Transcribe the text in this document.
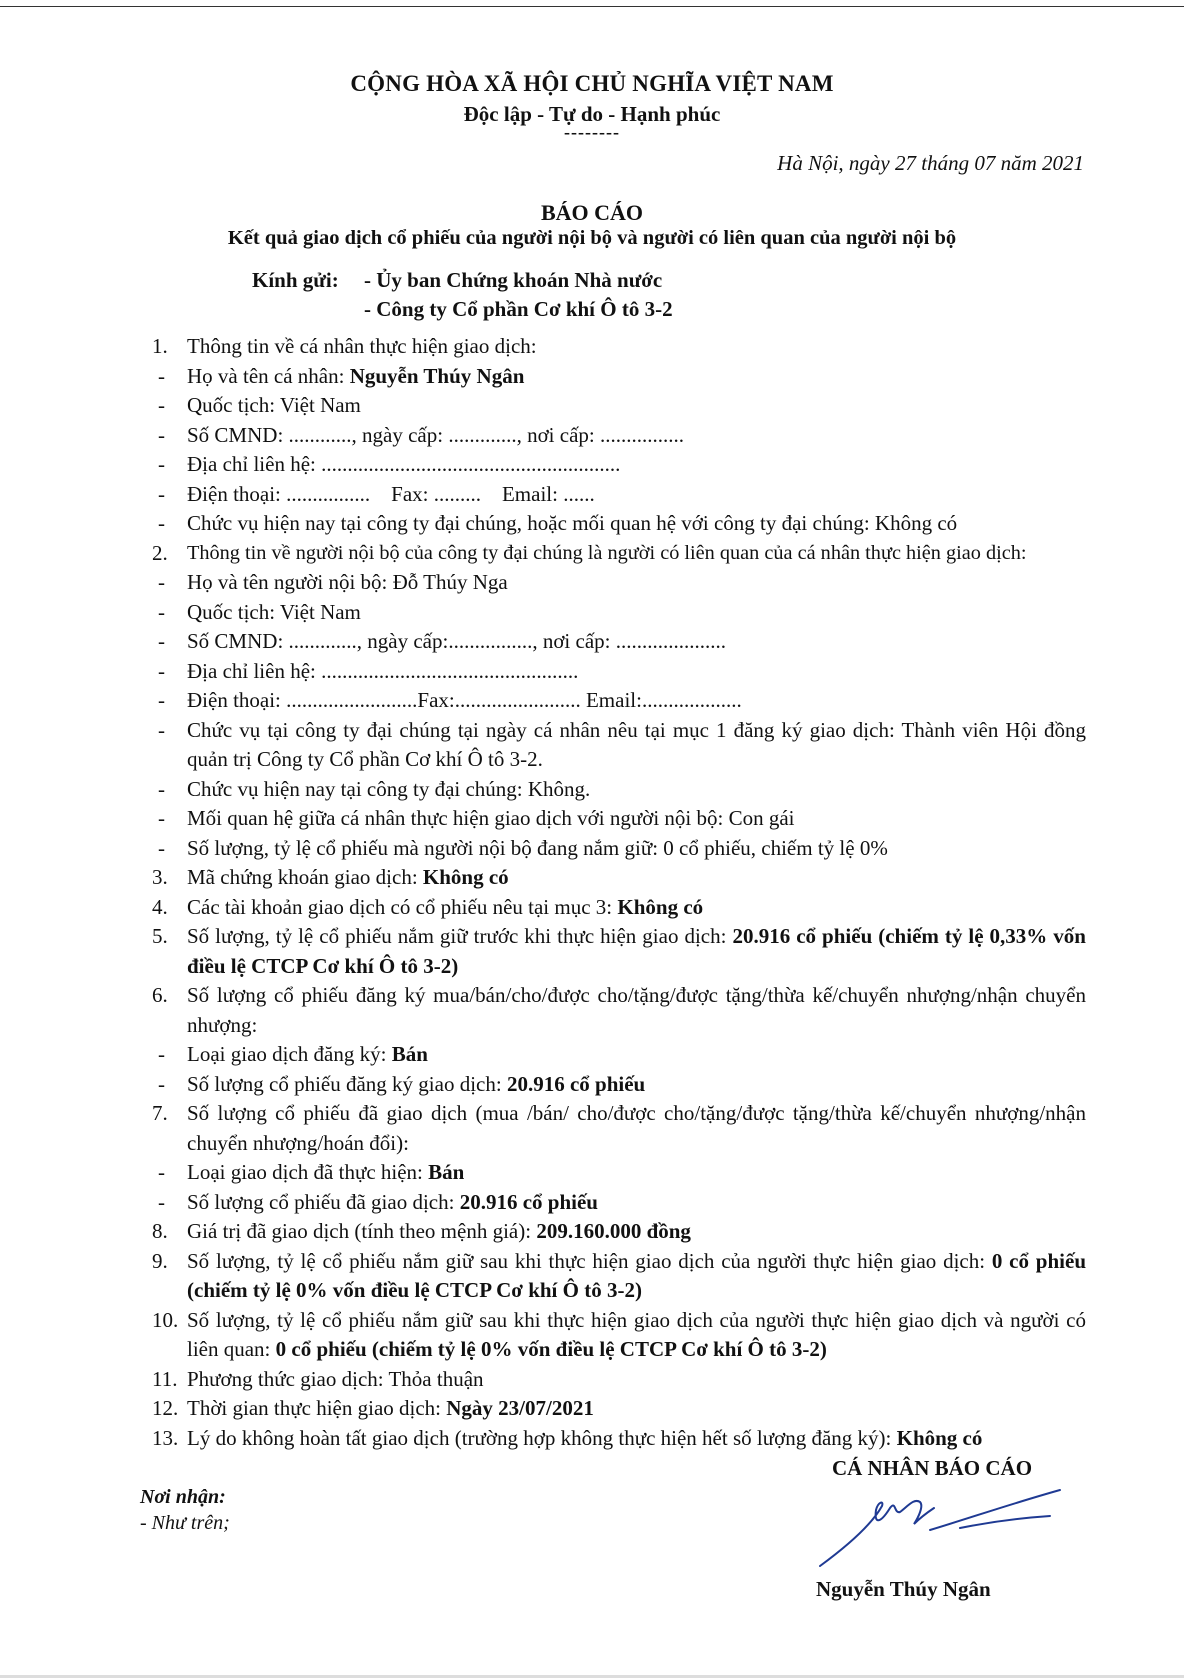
CỘNG HÒA XÃ HỘI CHỦ NGHĨA VIỆT NAM
Độc lập - Tự do - Hạnh phúc
--------
Hà Nội, ngày 27 tháng 07 năm 2021
BÁO CÁO
Kết quả giao dịch cổ phiếu của người nội bộ và người có liên quan của người nội bộ
Kính gửi: - Ủy ban Chứng khoán Nhà nước
- Công ty Cổ phần Cơ khí Ô tô 3-2
1. Thông tin về cá nhân thực hiện giao dịch:
-	Họ và tên cá nhân: Nguyễn Thúy Ngân
-	Quốc tịch: Việt Nam
-	Số CMND: ............, ngày cấp: ............., nơi cấp: ................
-	Địa chỉ liên hệ: .........................................................
-	Điện thoại: ................    Fax: .........    Email: ......
-	Chức vụ hiện nay tại công ty đại chúng, hoặc mối quan hệ với công ty đại chúng: Không có
2. Thông tin về người nội bộ của công ty đại chúng là người có liên quan của cá nhân thực hiện giao dịch:
-	Họ và tên người nội bộ: Đỗ Thúy Nga
-	Quốc tịch: Việt Nam
-	Số CMND: ............., ngày cấp:................, nơi cấp: .....................
-	Địa chỉ liên hệ: .................................................
-	Điện thoại: .........................Fax:........................ Email:...................
-	Chức vụ tại công ty đại chúng tại ngày cá nhân nêu tại mục 1 đăng ký giao dịch: Thành viên Hội đồng quản trị Công ty Cổ phần Cơ khí Ô tô 3-2.
-	Chức vụ hiện nay tại công ty đại chúng: Không.
-	Mối quan hệ giữa cá nhân thực hiện giao dịch với người nội bộ: Con gái
-	Số lượng, tỷ lệ cổ phiếu mà người nội bộ đang nắm giữ: 0 cổ phiếu, chiếm tỷ lệ 0%
3. Mã chứng khoán giao dịch: Không có
4. Các tài khoản giao dịch có cổ phiếu nêu tại mục 3: Không có
5. Số lượng, tỷ lệ cổ phiếu nắm giữ trước khi thực hiện giao dịch: 20.916 cổ phiếu (chiếm tỷ lệ 0,33% vốn điều lệ CTCP Cơ khí Ô tô 3-2)
6. Số lượng cổ phiếu đăng ký mua/bán/cho/được cho/tặng/được tặng/thừa kế/chuyển nhượng/nhận chuyển nhượng:
-	Loại giao dịch đăng ký: Bán
-	Số lượng cổ phiếu đăng ký giao dịch: 20.916 cổ phiếu
7. Số lượng cổ phiếu đã giao dịch (mua /bán/ cho/được cho/tặng/được tặng/thừa kế/chuyển nhượng/nhận chuyển nhượng/hoán đổi):
-	Loại giao dịch đã thực hiện: Bán
-	Số lượng cổ phiếu đã giao dịch: 20.916 cổ phiếu
8. Giá trị đã giao dịch (tính theo mệnh giá): 209.160.000 đồng
9. Số lượng, tỷ lệ cổ phiếu nắm giữ sau khi thực hiện giao dịch của người thực hiện giao dịch: 0 cổ phiếu (chiếm tỷ lệ 0% vốn điều lệ CTCP Cơ khí Ô tô 3-2)
10. Số lượng, tỷ lệ cổ phiếu nắm giữ sau khi thực hiện giao dịch của người thực hiện giao dịch và người có liên quan: 0 cổ phiếu (chiếm tỷ lệ 0% vốn điều lệ CTCP Cơ khí Ô tô 3-2)
11. Phương thức giao dịch: Thỏa thuận
12. Thời gian thực hiện giao dịch: Ngày 23/07/2021
13. Lý do không hoàn tất giao dịch (trường hợp không thực hiện hết số lượng đăng ký): Không có
CÁ NHÂN BÁO CÁO
Nguyễn Thúy Ngân
Nơi nhận:
- Như trên;
